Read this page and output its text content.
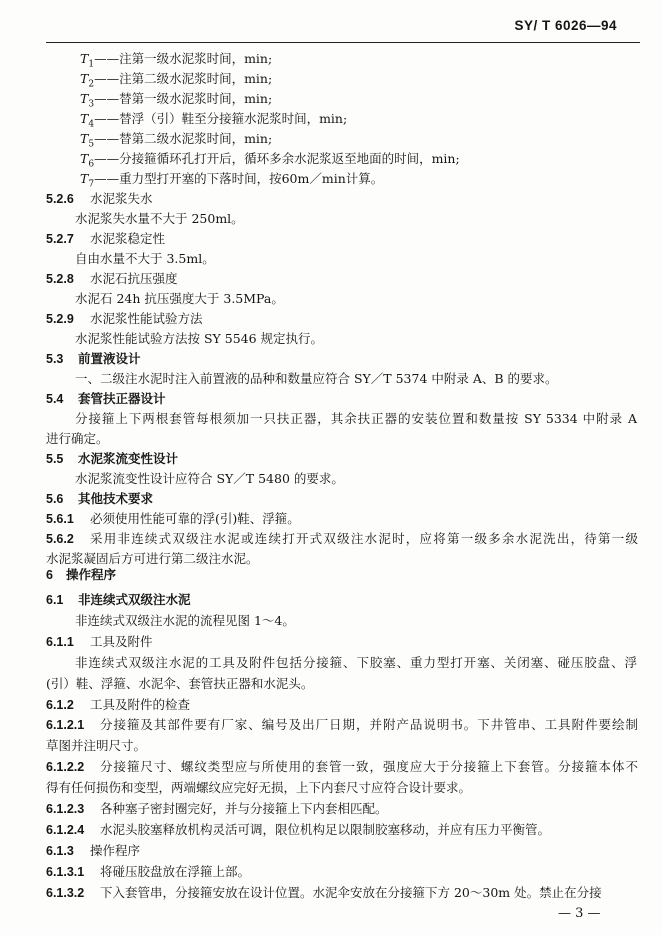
SY/ T 6026—94
$T_1$ —— 注第一级水泥浆时间，min;
$T_2$ —— 注第二级水泥浆时间，min;
$T_3$ —— 替第一级水泥浆时间，min;
$T_4$ —— 替浮（引）鞋至分接箍水泥浆时间，min;
$T_5$ —— 替第二级水泥浆时间，min;
$T_6$ —— 分接箍循环孔打开后，循环多余水泥浆返至地面的时间，min;
$T_7$ —— 重力型打开塞的下落时间，按60m／min计算。
5.2.6 水泥浆失水
水泥浆失水量不大于 250ml。
5.2.7 水泥浆稳定性
自由水量不大于 3.5ml。
5.2.8 水泥石抗压强度
水泥石 24h 抗压强度大于 3.5MPa。
5.2.9 水泥浆性能试验方法
水泥浆性能试验方法按 SY 5546 规定执行。
5.3 前置液设计
一、二级注水泥时注入前置液的品种和数量应符合 SY／T 5374 中附录 A、B 的要求。
5.4 套管扶正器设计
分接箍上下两根套管每根须加一只扶正器，其余扶正器的安装位置和数量按 SY 5334 中附录 A
进行确定。
5.5 水泥浆流变性设计
水泥浆流变性设计应符合 SY／T 5480 的要求。
5.6 其他技术要求
5.6.1 必须使用性能可靠的浮(引)鞋、浮箍。
5.6.2	采用非连续式双级注水泥或连续打开式双级注水泥时，应将第一级多余水泥洗出，待第一级
水泥浆凝固后方可进行第二级注水泥。
6 操作程序
6.1 非连续式双级注水泥
非连续式双级注水泥的流程见图 1～4。
6.1.1 工具及附件
非连续式双级注水泥的工具及附件包括分接箍、下胶塞、重力型打开塞、关闭塞、碰压胶盘、浮
(引）鞋、浮箍、水泥伞、套管扶正器和水泥头。
6.1.2 工具及附件的检查
6.1.2.1	分接箍及其部件要有厂家、编号及出厂日期，并附产品说明书。下井管串、工具附件要绘制
草图并注明尺寸。
6.1.2.2	分接箍尺寸、螺纹类型应与所使用的套管一致，强度应大于分接箍上下套管。分接箍本体不
得有任何损伤和变型，两端螺纹应完好无损，上下内套尺寸应符合设计要求。
6.1.2.3 各种塞子密封圈完好，并与分接箍上下内套相匹配。
6.1.2.4 水泥头胶塞释放机构灵活可调，限位机构足以限制胶塞移动，并应有压力平衡管。
— 3 —
6.1.3 操作程序
6.1.3.1 将碰压胶盘放在浮箍上部。
6.1.3.2 下入套管串，分接箍安放在设计位置。水泥伞安放在分接箍下方 20～30m 处。禁止在分接
